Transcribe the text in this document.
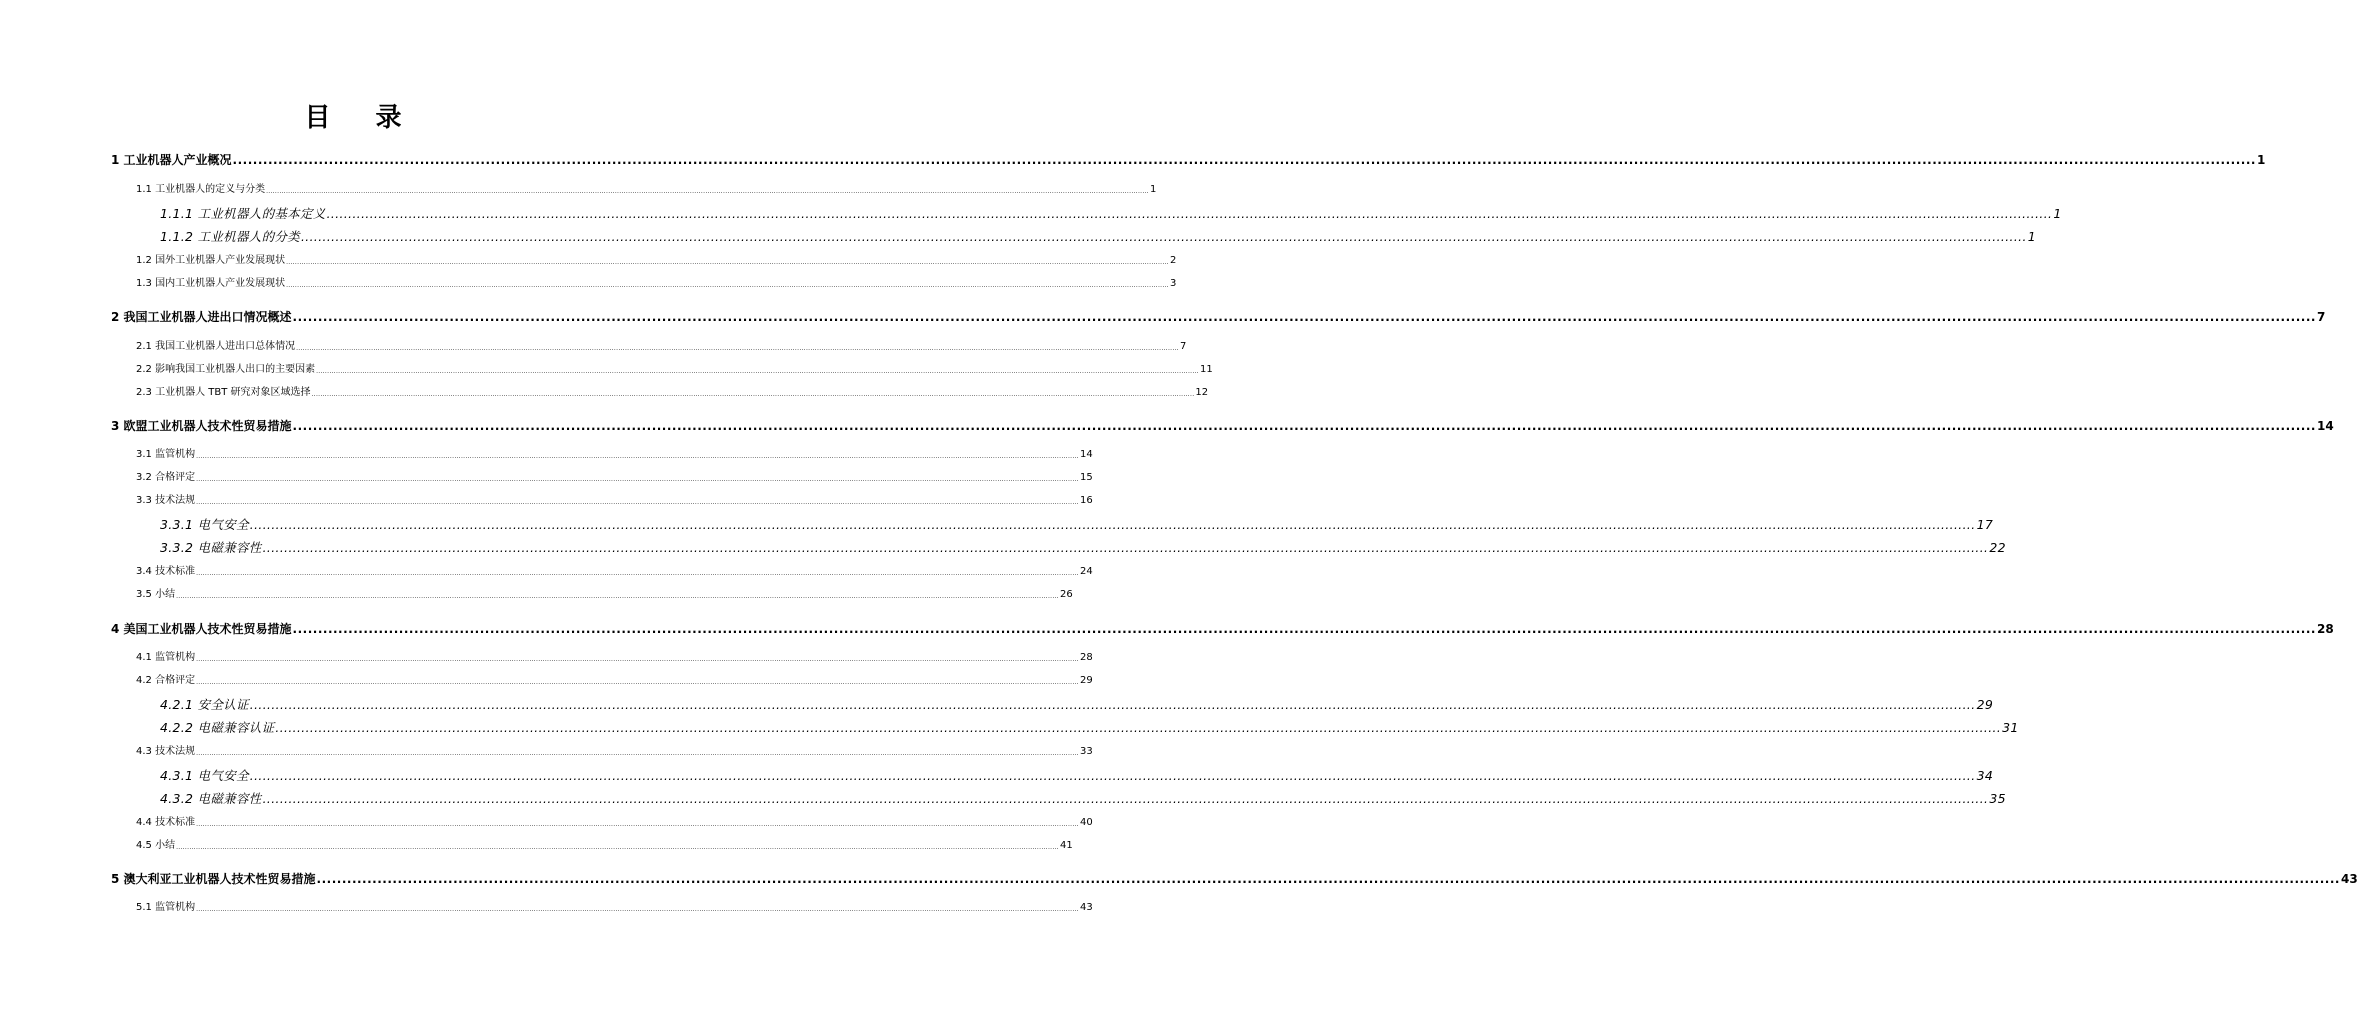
目 录
1 工业机器人产业概况 ................................................................................................................................................................................................................................................................................................................................................................................................................ 1
1.1 工业机器人的定义与分类 ................................................................................................................................................................................................................................................................................................................................................................................................................ 1
1.1.1 工业机器人的基本定义 ................................................................................................................................................................................................................................................................................................................................................................................................................ 1
1.1.2 工业机器人的分类 ................................................................................................................................................................................................................................................................................................................................................................................................................ 1
1.2 国外工业机器人产业发展现状 ................................................................................................................................................................................................................................................................................................................................................................................................................ 2
1.3 国内工业机器人产业发展现状 ................................................................................................................................................................................................................................................................................................................................................................................................................ 3
2 我国工业机器人进出口情况概述 ................................................................................................................................................................................................................................................................................................................................................................................................................ 7
2.1 我国工业机器人进出口总体情况 ................................................................................................................................................................................................................................................................................................................................................................................................................ 7
2.2 影响我国工业机器人出口的主要因素 ................................................................................................................................................................................................................................................................................................................................................................................................................ 11
2.3 工业机器人 TBT 研究对象区域选择 ................................................................................................................................................................................................................................................................................................................................................................................................................ 12
3 欧盟工业机器人技术性贸易措施 ................................................................................................................................................................................................................................................................................................................................................................................................................ 14
3.1 监管机构 ................................................................................................................................................................................................................................................................................................................................................................................................................ 14
3.2 合格评定 ................................................................................................................................................................................................................................................................................................................................................................................................................ 15
3.3 技术法规 ................................................................................................................................................................................................................................................................................................................................................................................................................ 16
3.3.1 电气安全 ................................................................................................................................................................................................................................................................................................................................................................................................................ 17
3.3.2 电磁兼容性 ................................................................................................................................................................................................................................................................................................................................................................................................................ 22
3.4 技术标准 ................................................................................................................................................................................................................................................................................................................................................................................................................ 24
3.5 小结 ................................................................................................................................................................................................................................................................................................................................................................................................................ 26
4 美国工业机器人技术性贸易措施 ................................................................................................................................................................................................................................................................................................................................................................................................................ 28
4.1 监管机构 ................................................................................................................................................................................................................................................................................................................................................................................................................ 28
4.2 合格评定 ................................................................................................................................................................................................................................................................................................................................................................................................................ 29
4.2.1 安全认证 ................................................................................................................................................................................................................................................................................................................................................................................................................ 29
4.2.2 电磁兼容认证 ................................................................................................................................................................................................................................................................................................................................................................................................................ 31
4.3 技术法规 ................................................................................................................................................................................................................................................................................................................................................................................................................ 33
4.3.1 电气安全 ................................................................................................................................................................................................................................................................................................................................................................................................................ 34
4.3.2 电磁兼容性 ................................................................................................................................................................................................................................................................................................................................................................................................................ 35
4.4 技术标准 ................................................................................................................................................................................................................................................................................................................................................................................................................ 40
4.5 小结 ................................................................................................................................................................................................................................................................................................................................................................................................................ 41
5 澳大利亚工业机器人技术性贸易措施 ................................................................................................................................................................................................................................................................................................................................................................................................................ 43
5.1 监管机构 ................................................................................................................................................................................................................................................................................................................................................................................................................ 43
